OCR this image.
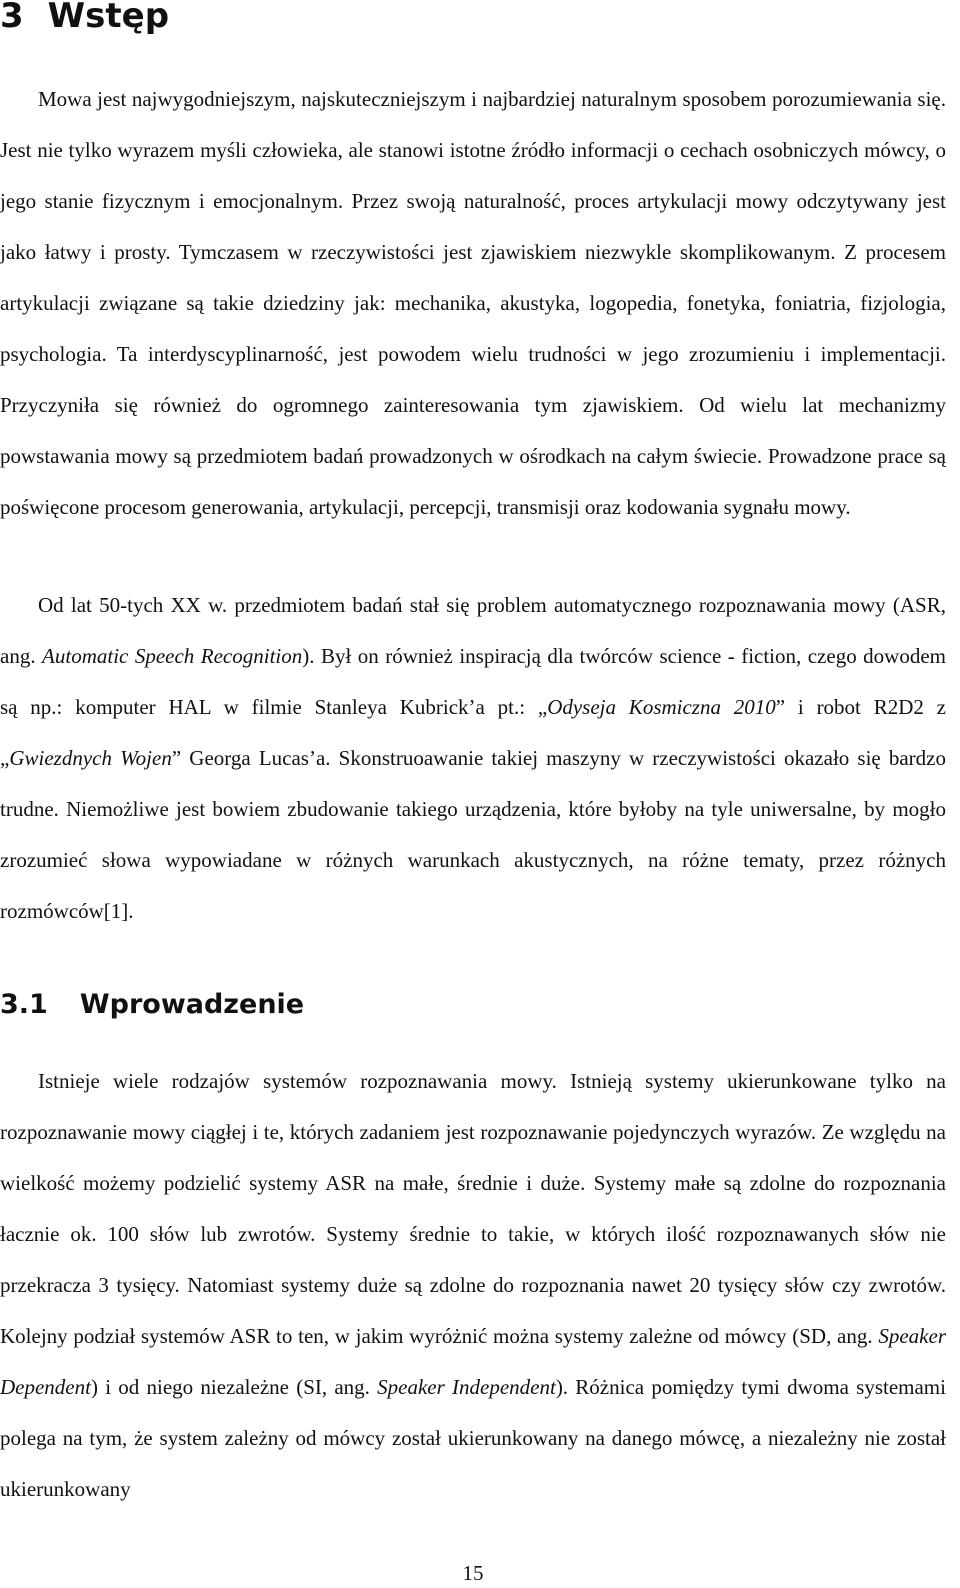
3 Wstęp

Mowa jest najwygodniejszym, najskuteczniejszym i najbardziej naturalnym sposobem porozumiewania się. Jest nie tylko wyrazem myśli człowieka, ale stanowi istotne źródło informacji o cechach osobniczych mówcy, o jego stanie fizycznym i emocjonalnym. Przez swoją naturalność, proces artykulacji mowy odczytywany jest jako łatwy i prosty. Tymczasem w rzeczywistości jest zjawiskiem niezwykle skomplikowanym. Z procesem artykulacji związane są takie dziedziny jak: mechanika, akustyka, logopedia, fonetyka, foniatria, fizjologia, psychologia. Ta interdyscyplinarność, jest powodem wielu trudności w jego zrozumieniu i implementacji. Przyczyniła się również do ogromnego zainteresowania tym zjawiskiem. Od wielu lat mechanizmy powstawania mowy są przedmiotem badań prowadzonych w ośrodkach na całym świecie. Prowadzone prace są poświęcone procesom generowania, artykulacji, percepcji, transmisji oraz kodowania sygnału mowy.

Od lat 50-tych XX w. przedmiotem badań stał się problem automatycznego rozpoznawania mowy (ASR, ang. Automatic Speech Recognition). Był on również inspiracją dla twórców science - fiction, czego dowodem są np.: komputer HAL w filmie Stanleya Kubrick’a pt.: „Odyseja Kosmiczna 2010” i robot R2D2 z „Gwiezdnych Wojen” Georga Lucas’a. Skonstruoawanie takiej maszyny w rzeczywistości okazało się bardzo trudne. Niemożliwe jest bowiem zbudowanie takiego urządzenia, które byłoby na tyle uniwersalne, by mogło zrozumieć słowa wypowiadane w różnych warunkach akustycznych, na różne tematy, przez różnych rozmówców[1].

3.1 Wprowadzenie

Istnieje wiele rodzajów systemów rozpoznawania mowy. Istnieją systemy ukierunkowane tylko na rozpoznawanie mowy ciągłej i te, których zadaniem jest rozpoznawanie pojedynczych wyrazów. Ze względu na wielkość możemy podzielić systemy ASR na małe, średnie i duże. Systemy małe są zdolne do rozpoznania łacznie ok. 100 słów lub zwrotów. Systemy średnie to takie, w których ilość rozpoznawanych słów nie przekracza 3 tysięcy. Natomiast systemy duże są zdolne do rozpoznania nawet 20 tysięcy słów czy zwrotów. Kolejny podział systemów ASR to ten, w jakim wyróżnić można systemy zależne od mówcy (SD, ang. Speaker Dependent) i od niego niezależne (SI, ang. Speaker Independent). Różnica pomiędzy tymi dwoma systemami polega na tym, że system zależny od mówcy został ukierunkowany na danego mówcę, a niezależny nie został ukierunkowany

15
